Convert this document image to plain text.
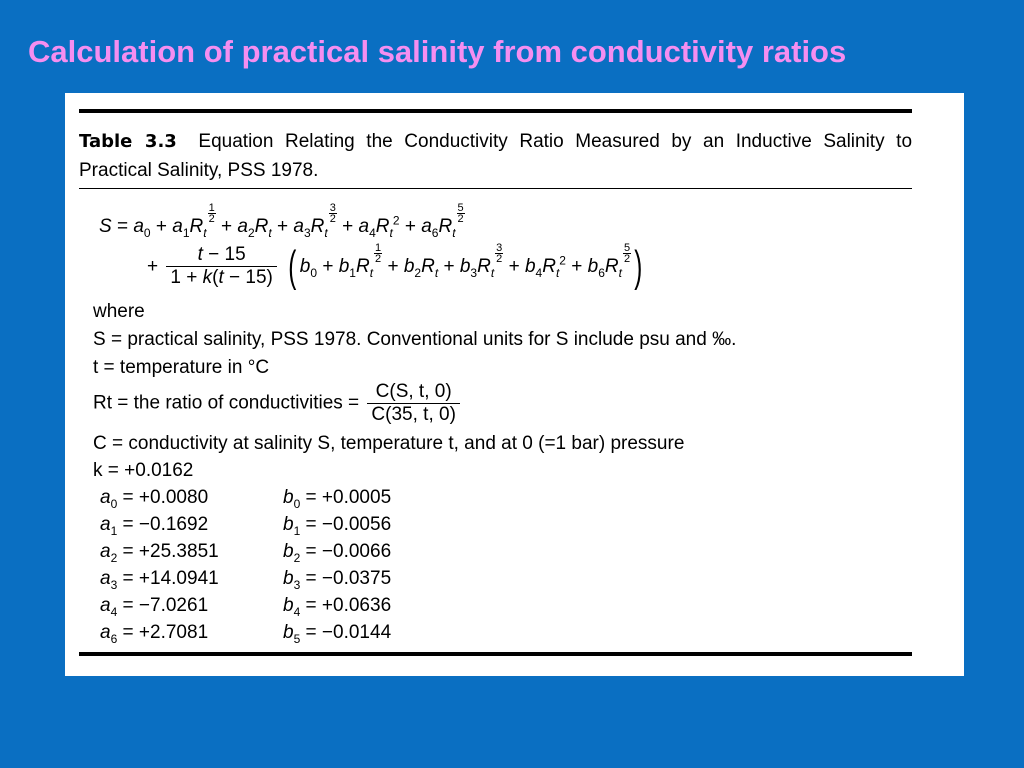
Calculation of practical salinity from conductivity ratios
Table 3.3 Equation Relating the Conductivity Ratio Measured by an Inductive Salinity to Practical Salinity, PSS 1978.
$S = a_0 + a_1R_t$
$\frac{1}{2}$
+ $a_2R_t + a_3R_t$
$\frac{3}{2}$
+ $a_4R_t^2 + a_6R_t$
$\frac{5}{2}$
+ $\frac{t - 15}{1 + k(t - 15)}$ ( $b_0 + b_1R_t$
$\frac{1}{2}$
+ $b_2R_t + b_3R_t$
$\frac{3}{2}$
+ $b_4R_t^2 + b_6R_t$
$\frac{5}{2}$ )
where
S = practical salinity, PSS 1978. Conventional units for S include psu and ‰.
t = temperature in °C
Rt = the ratio of conductivities = $\frac{C(S, t, 0)}{C(35, t, 0)}$
C = conductivity at salinity S, temperature t, and at 0 (=1 bar) pressure
k = +0.0162
$a_0 = +0.0080$
$a_1 = -0.1692$
$a_2 = +25.3851$
$a_3 = +14.0941$
$a_4 = -7.0261$
$a_6 = +2.7081$
$b_0 = +0.0005$
$b_1 = -0.0056$
$b_2 = -0.0066$
$b_3 = -0.0375$
$b_4 = +0.0636$
$b_5 = -0.0144$
